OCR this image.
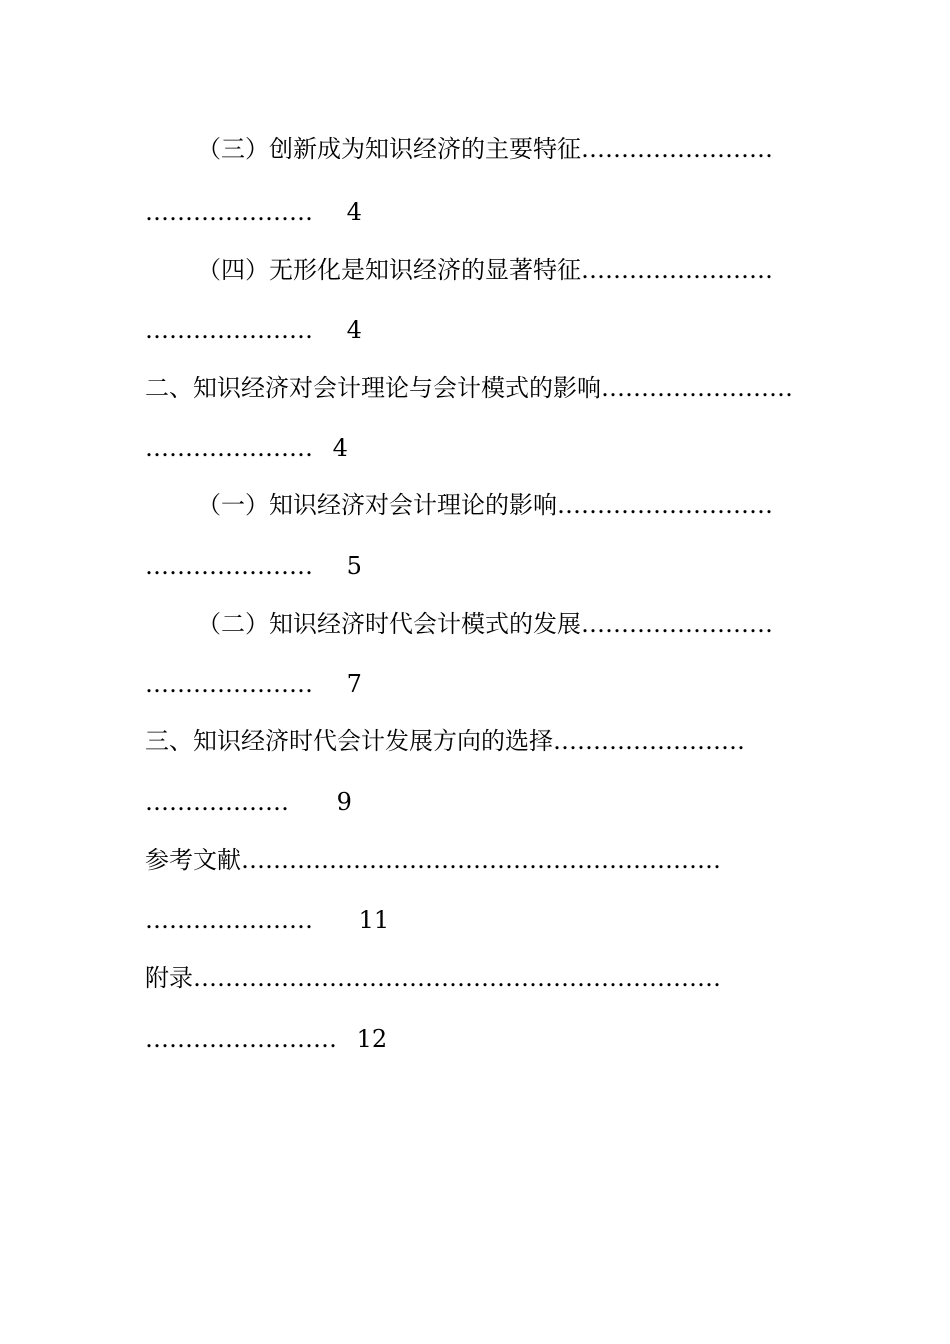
（三）创新成为知识经济的主要特征……………………
………………… 4
（四）无形化是知识经济的显著特征……………………
………………… 4
二、知识经济对会计理论与会计模式的影响……………………
………………… 4
（一）知识经济对会计理论的影响………………………
………………… 5
（二）知识经济时代会计模式的发展……………………
………………… 7
三、知识经济时代会计发展方向的选择……………………
……………… 9
参考文献……………………………………………………
………………… 11
附录…………………………………………………………
…………………… 12
